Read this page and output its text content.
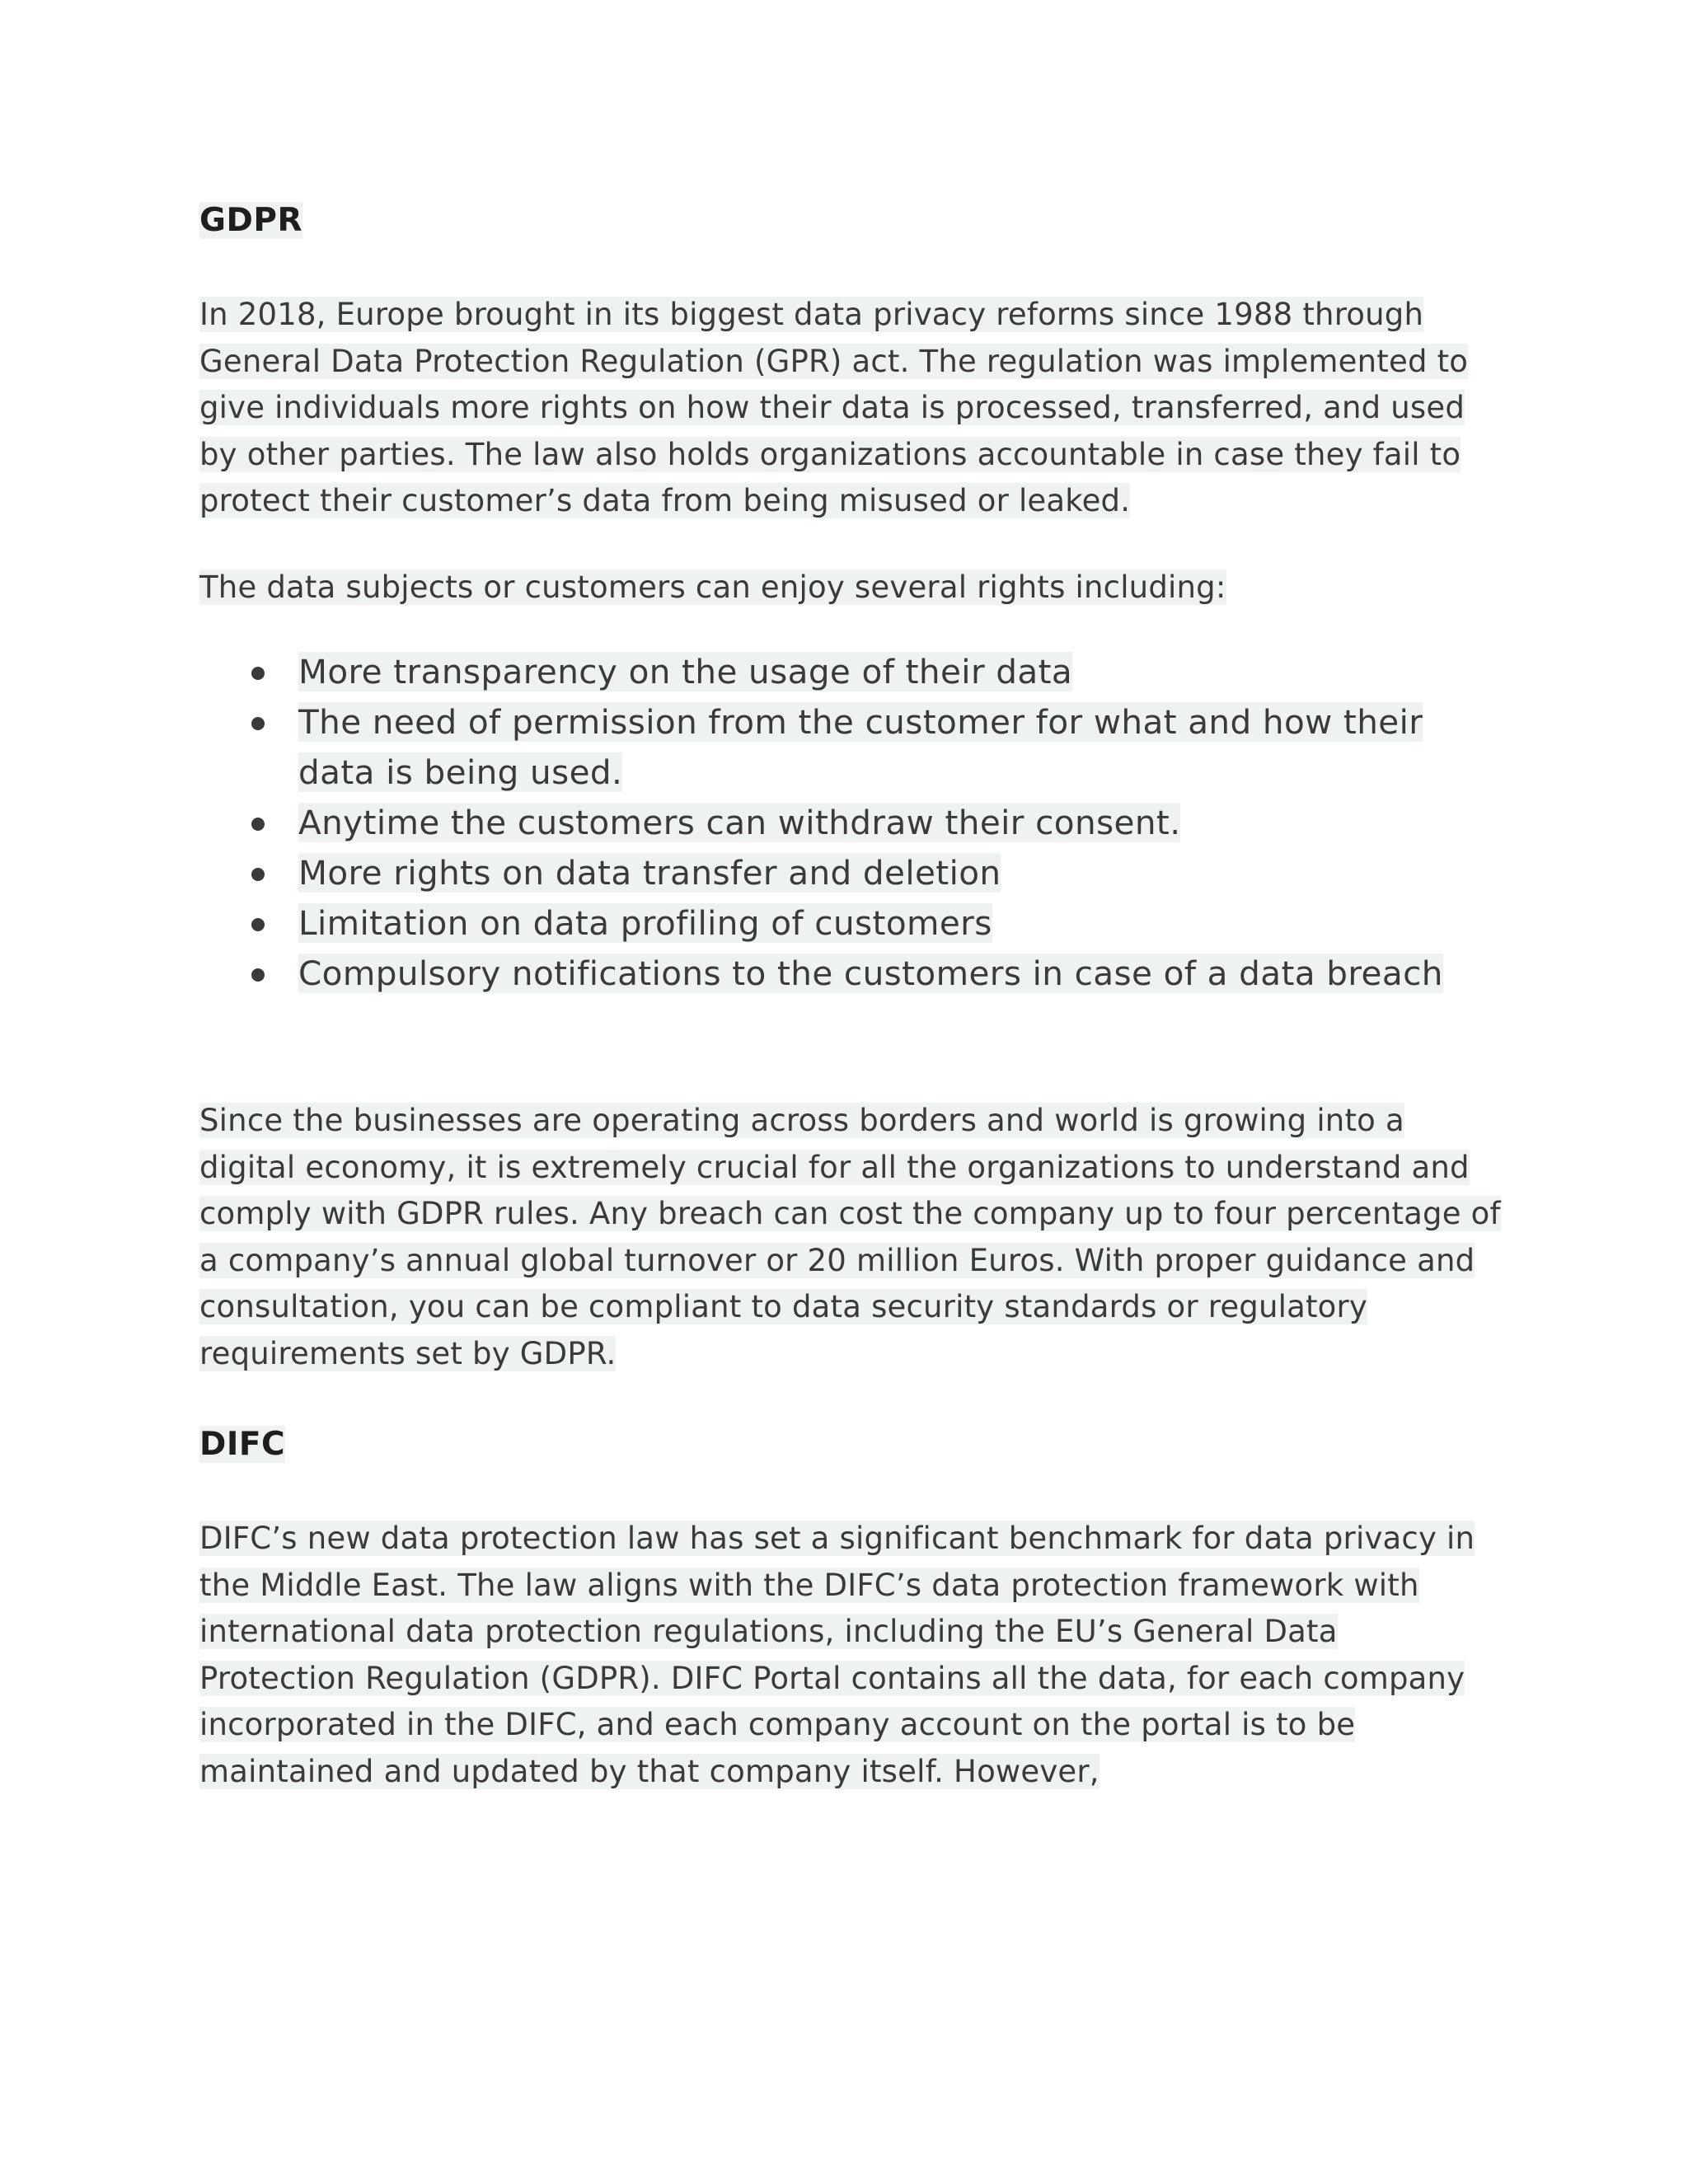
GDPR

In 2018, Europe brought in its biggest data privacy reforms since 1988 through General Data Protection Regulation (GPR) act. The regulation was implemented to give individuals more rights on how their data is processed, transferred, and used by other parties. The law also holds organizations accountable in case they fail to protect their customer’s data from being misused or leaked.

The data subjects or customers can enjoy several rights including:

More transparency on the usage of their data
The need of permission from the customer for what and how their data is being used.
Anytime the customers can withdraw their consent.
More rights on data transfer and deletion
Limitation on data profiling of customers
Compulsory notifications to the customers in case of a data breach

Since the businesses are operating across borders and world is growing into a digital economy, it is extremely crucial for all the organizations to understand and comply with GDPR rules. Any breach can cost the company up to four percentage of a company’s annual global turnover or 20 million Euros. With proper guidance and consultation, you can be compliant to data security standards or regulatory requirements set by GDPR.

DIFC

DIFC’s new data protection law has set a significant benchmark for data privacy in the Middle East. The law aligns with the DIFC’s data protection framework with international data protection regulations, including the EU’s General Data Protection Regulation (GDPR). DIFC Portal contains all the data, for each company incorporated in the DIFC, and each company account on the portal is to be maintained and updated by that company itself. However,
